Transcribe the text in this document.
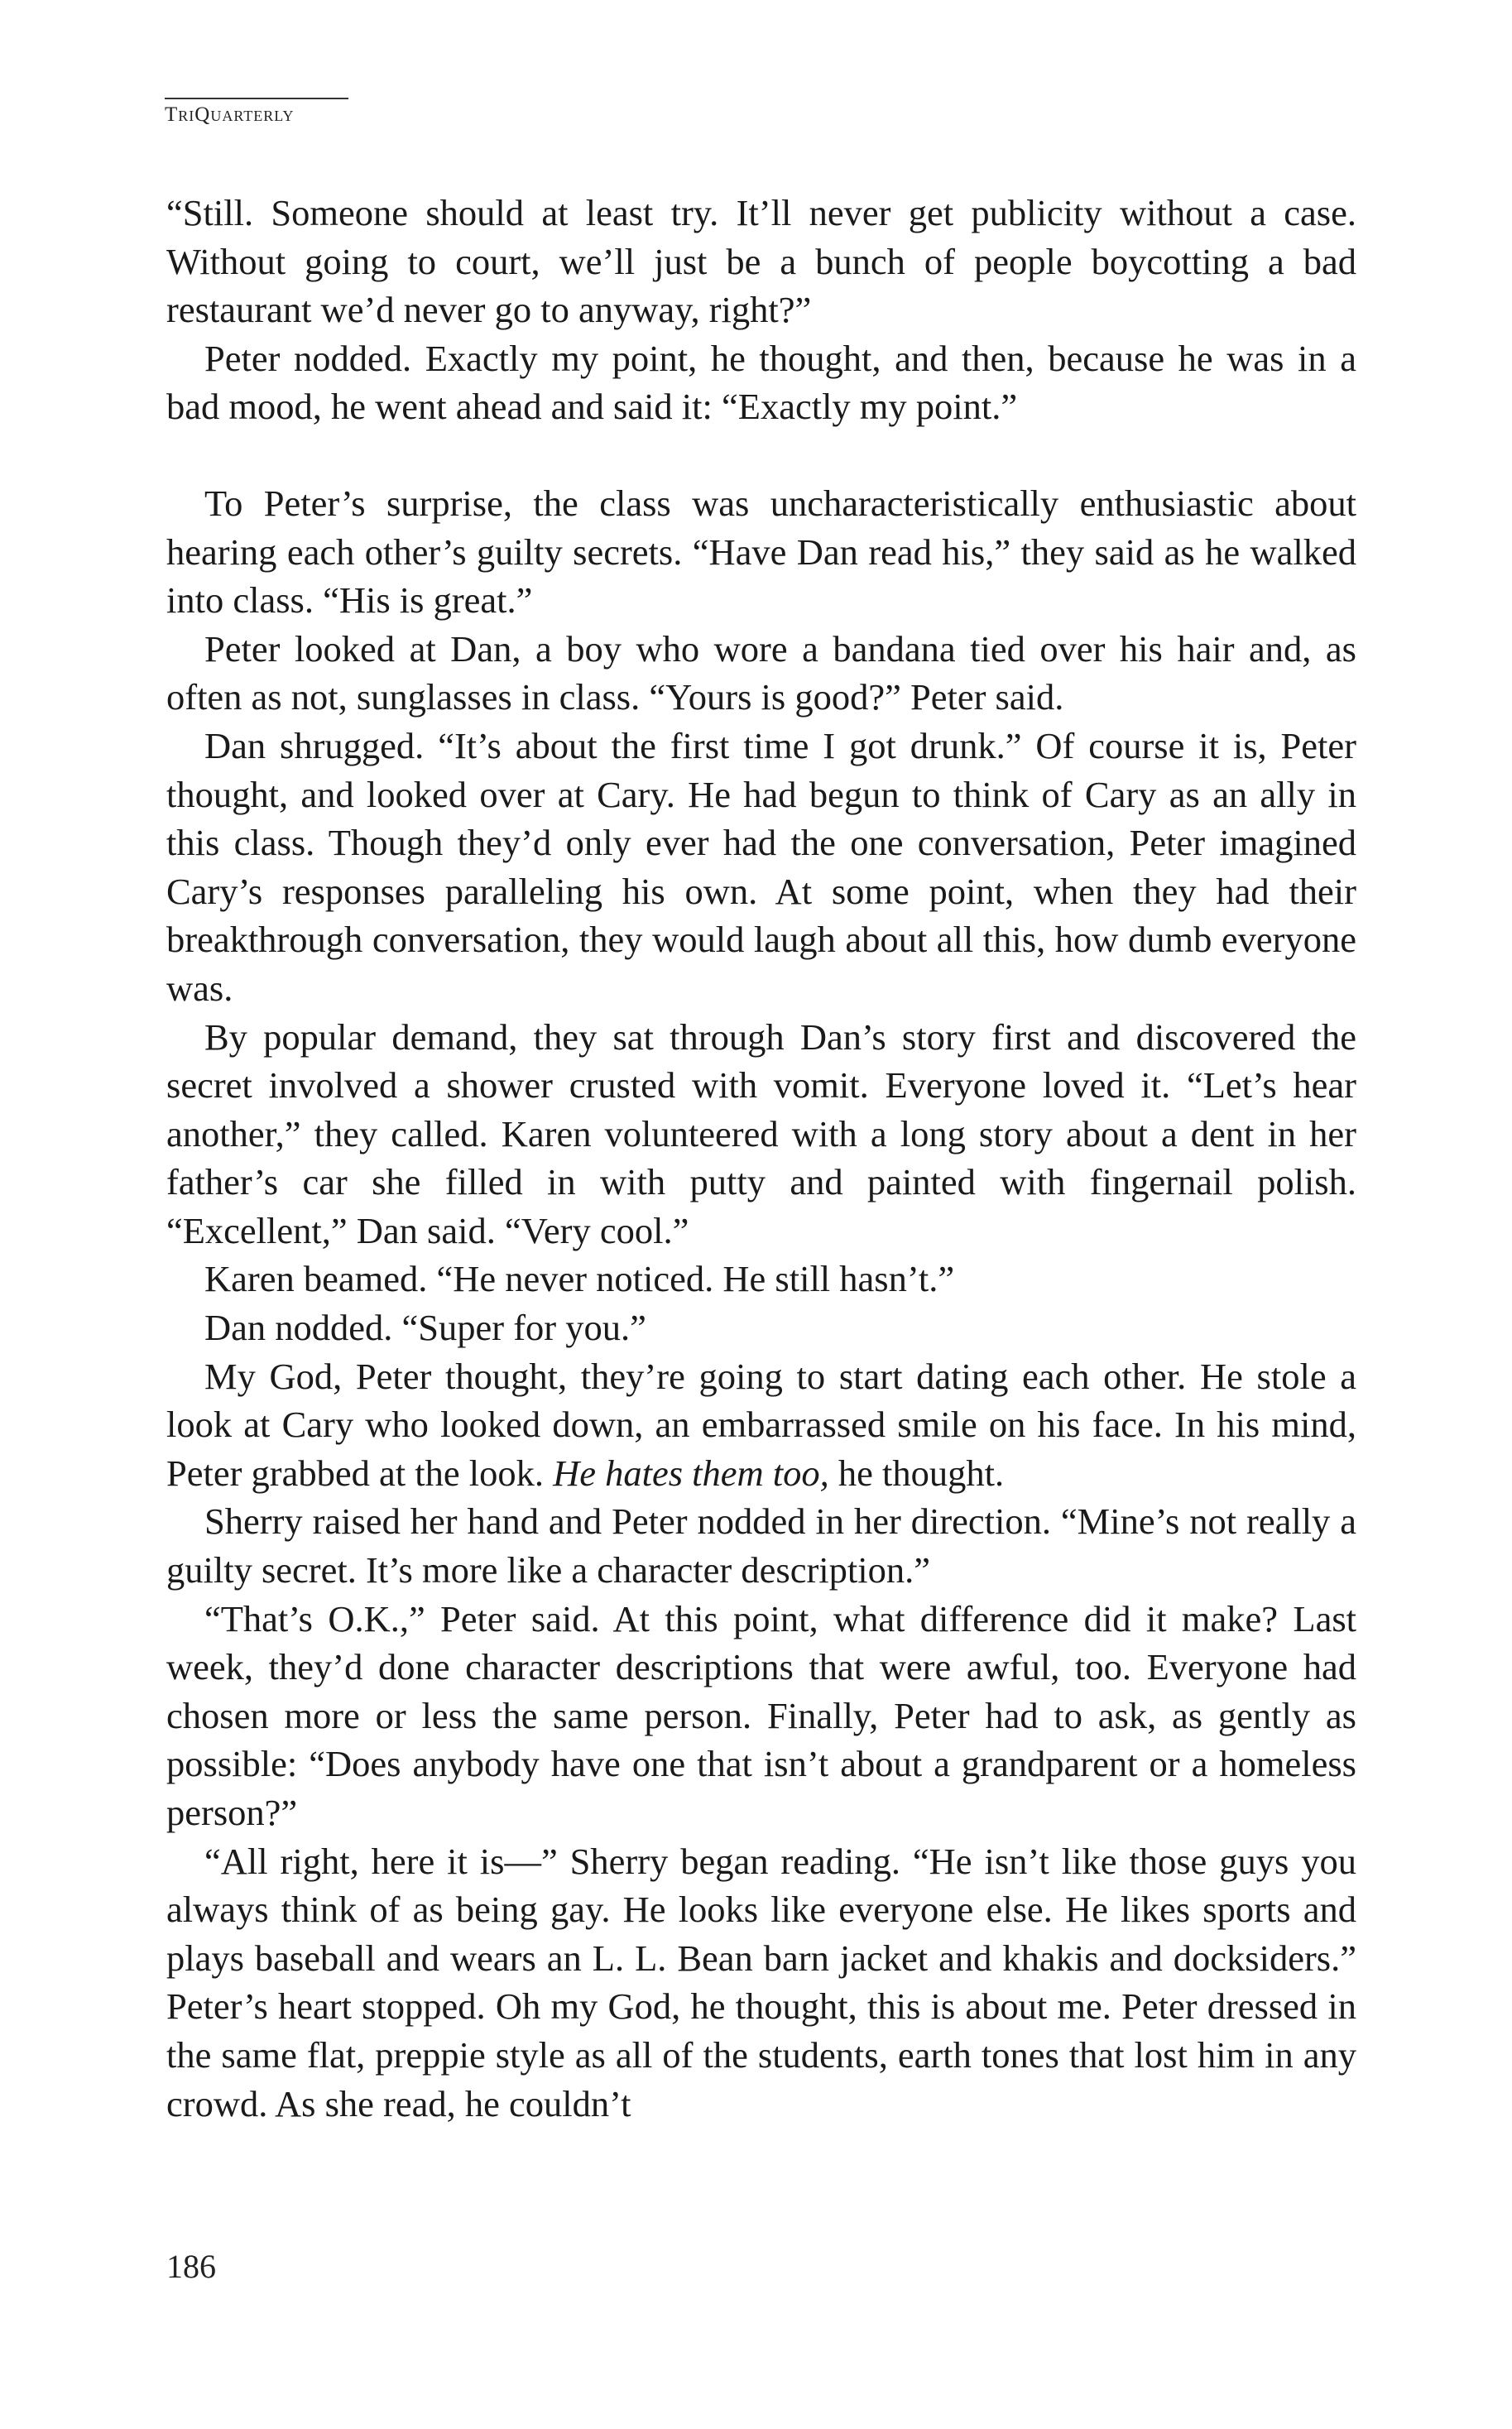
TriQuarterly

“Still. Someone should at least try. It’ll never get publicity without a case. Without going to court, we’ll just be a bunch of people boycotting a bad restaurant we’d never go to anyway, right?”

Peter nodded. Exactly my point, he thought, and then, because he was in a bad mood, he went ahead and said it: “Exactly my point.”

To Peter’s surprise, the class was uncharacteristically enthusiastic about hearing each other’s guilty secrets. “Have Dan read his,” they said as he walked into class. “His is great.”

Peter looked at Dan, a boy who wore a bandana tied over his hair and, as often as not, sunglasses in class. “Yours is good?” Peter said.

Dan shrugged. “It’s about the first time I got drunk.” Of course it is, Peter thought, and looked over at Cary. He had begun to think of Cary as an ally in this class. Though they’d only ever had the one conversation, Peter imagined Cary’s responses paralleling his own. At some point, when they had their breakthrough conversation, they would laugh about all this, how dumb everyone was.

By popular demand, they sat through Dan’s story first and discovered the secret involved a shower crusted with vomit. Everyone loved it. “Let’s hear another,” they called. Karen volunteered with a long story about a dent in her father’s car she filled in with putty and painted with fingernail polish. “Excellent,” Dan said. “Very cool.”

Karen beamed. “He never noticed. He still hasn’t.”

Dan nodded. “Super for you.”

My God, Peter thought, they’re going to start dating each other. He stole a look at Cary who looked down, an embarrassed smile on his face. In his mind, Peter grabbed at the look. He hates them too, he thought.

Sherry raised her hand and Peter nodded in her direction. “Mine’s not really a guilty secret. It’s more like a character description.”

“That’s O.K.,” Peter said. At this point, what difference did it make? Last week, they’d done character descriptions that were awful, too. Everyone had chosen more or less the same person. Finally, Peter had to ask, as gently as possible: “Does anybody have one that isn’t about a grandparent or a homeless person?”

“All right, here it is—” Sherry began reading. “He isn’t like those guys you always think of as being gay. He looks like everyone else. He likes sports and plays baseball and wears an L. L. Bean barn jacket and khakis and docksiders.” Peter’s heart stopped. Oh my God, he thought, this is about me. Peter dressed in the same flat, preppie style as all of the students, earth tones that lost him in any crowd. As she read, he couldn’t

186
